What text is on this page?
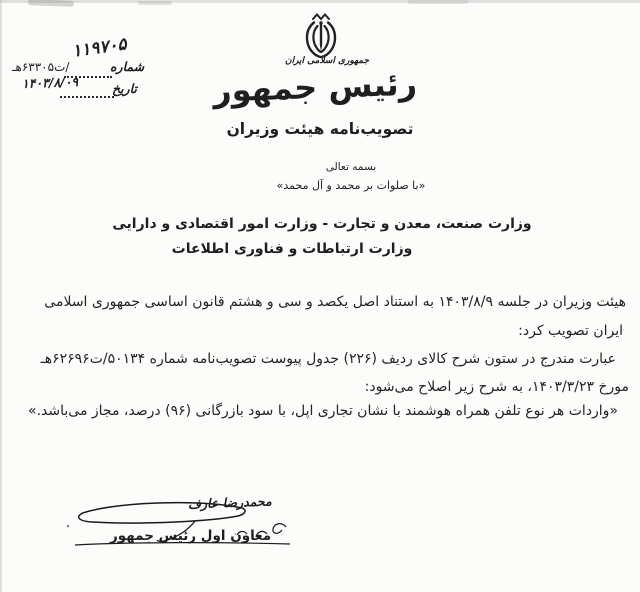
جمهوری اسلامی ایران
رئیس جمهور
تصویب‌نامه هیئت وزیران
/ت۶۳۳۰۵هـ	شماره
۱۱۹۷۰۵
۱۴۰۳/۸/۰۹	تاریخ
بسمه تعالی
«با صلوات بر محمد و آل محمد»
وزارت صنعت، معدن و تجارت - وزارت امور اقتصادی و دارایی
وزارت ارتباطات و فناوری اطلاعات
هیئت وزیران در جلسه ۱۴۰۳/۸/۹ به استناد اصل یکصد و سی و هشتم قانون اساسی جمهوری اسلامی
ایران تصویب کرد:
عبارت مندرج در ستون شرح کالای ردیف (۲۲۶) جدول پیوست تصویب‌نامه شماره ۵۰۱۳۴/ت۶۲۶۹۶هـ
مورخ ۱۴۰۳/۳/۲۳، به شرح زیر اصلاح می‌شود:
«واردات هر نوع تلفن همراه هوشمند با نشان تجاری اپل، با سود بازرگانی (۹۶) درصد، مجاز می‌باشد.»
محمدرضا عارف
معاون اول رئیس جمهور
